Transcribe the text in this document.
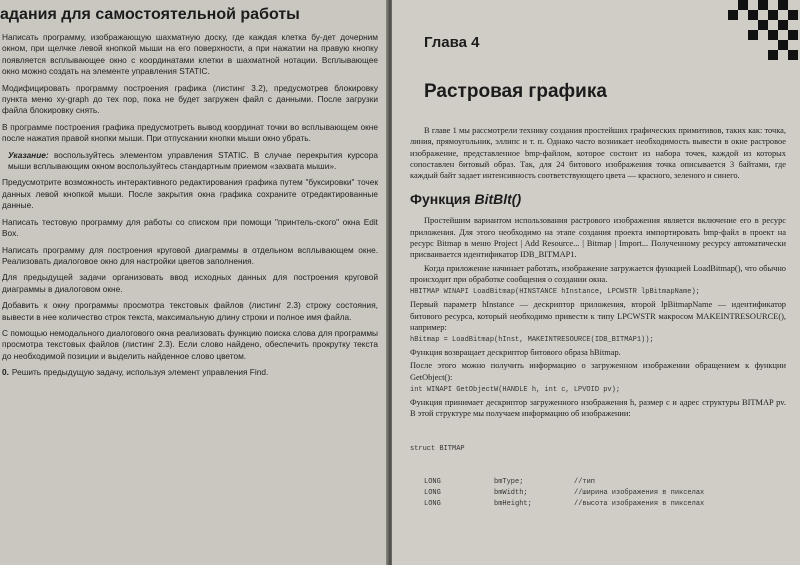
адания для самостоятельной работы
Написать программу, изображающую шахматную доску, где каждая клетка бу-дет дочерним окном, при щелчке левой кнопкой мыши на его поверхности, а при нажатии на правую кнопку появляется всплывающее окно с координатами клетки в шахматной нотации. Всплывающее окно можно создать на элементе управления STATIC.
Модифицировать программу построения графика (листинг 3.2), предусмотрев блокировку пункта меню xy-graph до тех пор, пока не будет загружен файл с данными. После загрузки файла блокировку снять.
В программе построения графика предусмотреть вывод координат точки во всплывающем окне после нажатия правой кнопки мыши. При отпускании кнопки мыши окно убрать.
Указание: воспользуйтесь элементом управления STATIC. В случае перекрытия курсора мыши всплывающим окном воспользуйтесь стандартным приемом «захвата мыши».
Предусмотрите возможность интерактивного редактирования графика путем "буксировки" точек данных левой кнопкой мыши. После закрытия окна графика сохраните отредактированные данные.
Написать тестовую программу для работы со списком при помощи "принтель-ского" окна Edit Box.
Написать программу для построения круговой диаграммы в отдельном всплывающем окне. Реализовать диалоговое окно для настройки цветов заполнения.
Для предыдущей задачи организовать ввод исходных данных для построения круговой диаграммы в диалоговом окне.
Добавить к окну программы просмотра текстовых файлов (листинг 2.3) строку состояния, вывести в нее количество строк текста, максимальную длину строки и полное имя файла.
С помощью немодального диалогового окна реализовать функцию поиска слова для программы просмотра текстовых файлов (листинг 2.3). Если слово найдено, обеспечить прокрутку текста до необходимой позиции и выделить найденное слово цветом.
0. Решить предыдущую задачу, используя элемент управления Find.
Глава 4
Растровая графика

В главе 1 мы рассмотрели технику создания простейших графических примитивов, таких как: точка, линия, прямоугольник, эллипс и т. п. Однако часто возникает необходимость вывести в окне растровое изображение, представленное bmp-файлом, которое состоит из набора точек, каждой из которых сопоставлен битовый образ. Так, для 24 битового изображения точка описывается 3 байтами, где каждый байт задает интенсивность соответствующего цвета — красного, зеленого и синего.

Функция BitBlt()

Простейшим вариантом использования растрового изображения является включение его в ресурс приложения. Для этого необходимо на этапе создания проекта импортировать bmp-файл в проект на ресурс Bitmap в меню Project | Add Resource... | Bitmap | Import... Полученному ресурсу автоматически присваивается идентификатор IDB_BITMAP1.

Когда приложение начинает работать, изображение загружается функцией LoadBitmap(), что обычно происходит при обработке сообщения о создании окна.

HBITMAP WINAPI LoadBitmap(HINSTANCE hInstance, LPCWSTR lpBitmapName);

Первый параметр hInstance — дескриптор приложения, второй lpBitmapName — идентификатор битового ресурса, который необходимо привести к типу LPCWSTR макросом MAKEINTRESOURCE(), например:

hBitmap = LoadBitmap(hInst, MAKEINTRESOURCE(IDB_BITMAP1));

Функция возвращает дескриптор битового образа hBitmap.

После этого можно получить информацию о загруженном изображении обращением к функции GetObject():

int WINAPI GetObjectW(HANDLE h, int c, LPVOID pv);

Функция принимает дескриптор загруженного изображения h, размер c и адрес структуры BITMAP pv. В этой структуре мы получаем информацию об изображении:

struct BITMAP

LONG	bmType;	//тип
LONG	bmWidth;	//ширина изображения в пикселах
LONG	bmHeight;	//высота изображения в пикселах
